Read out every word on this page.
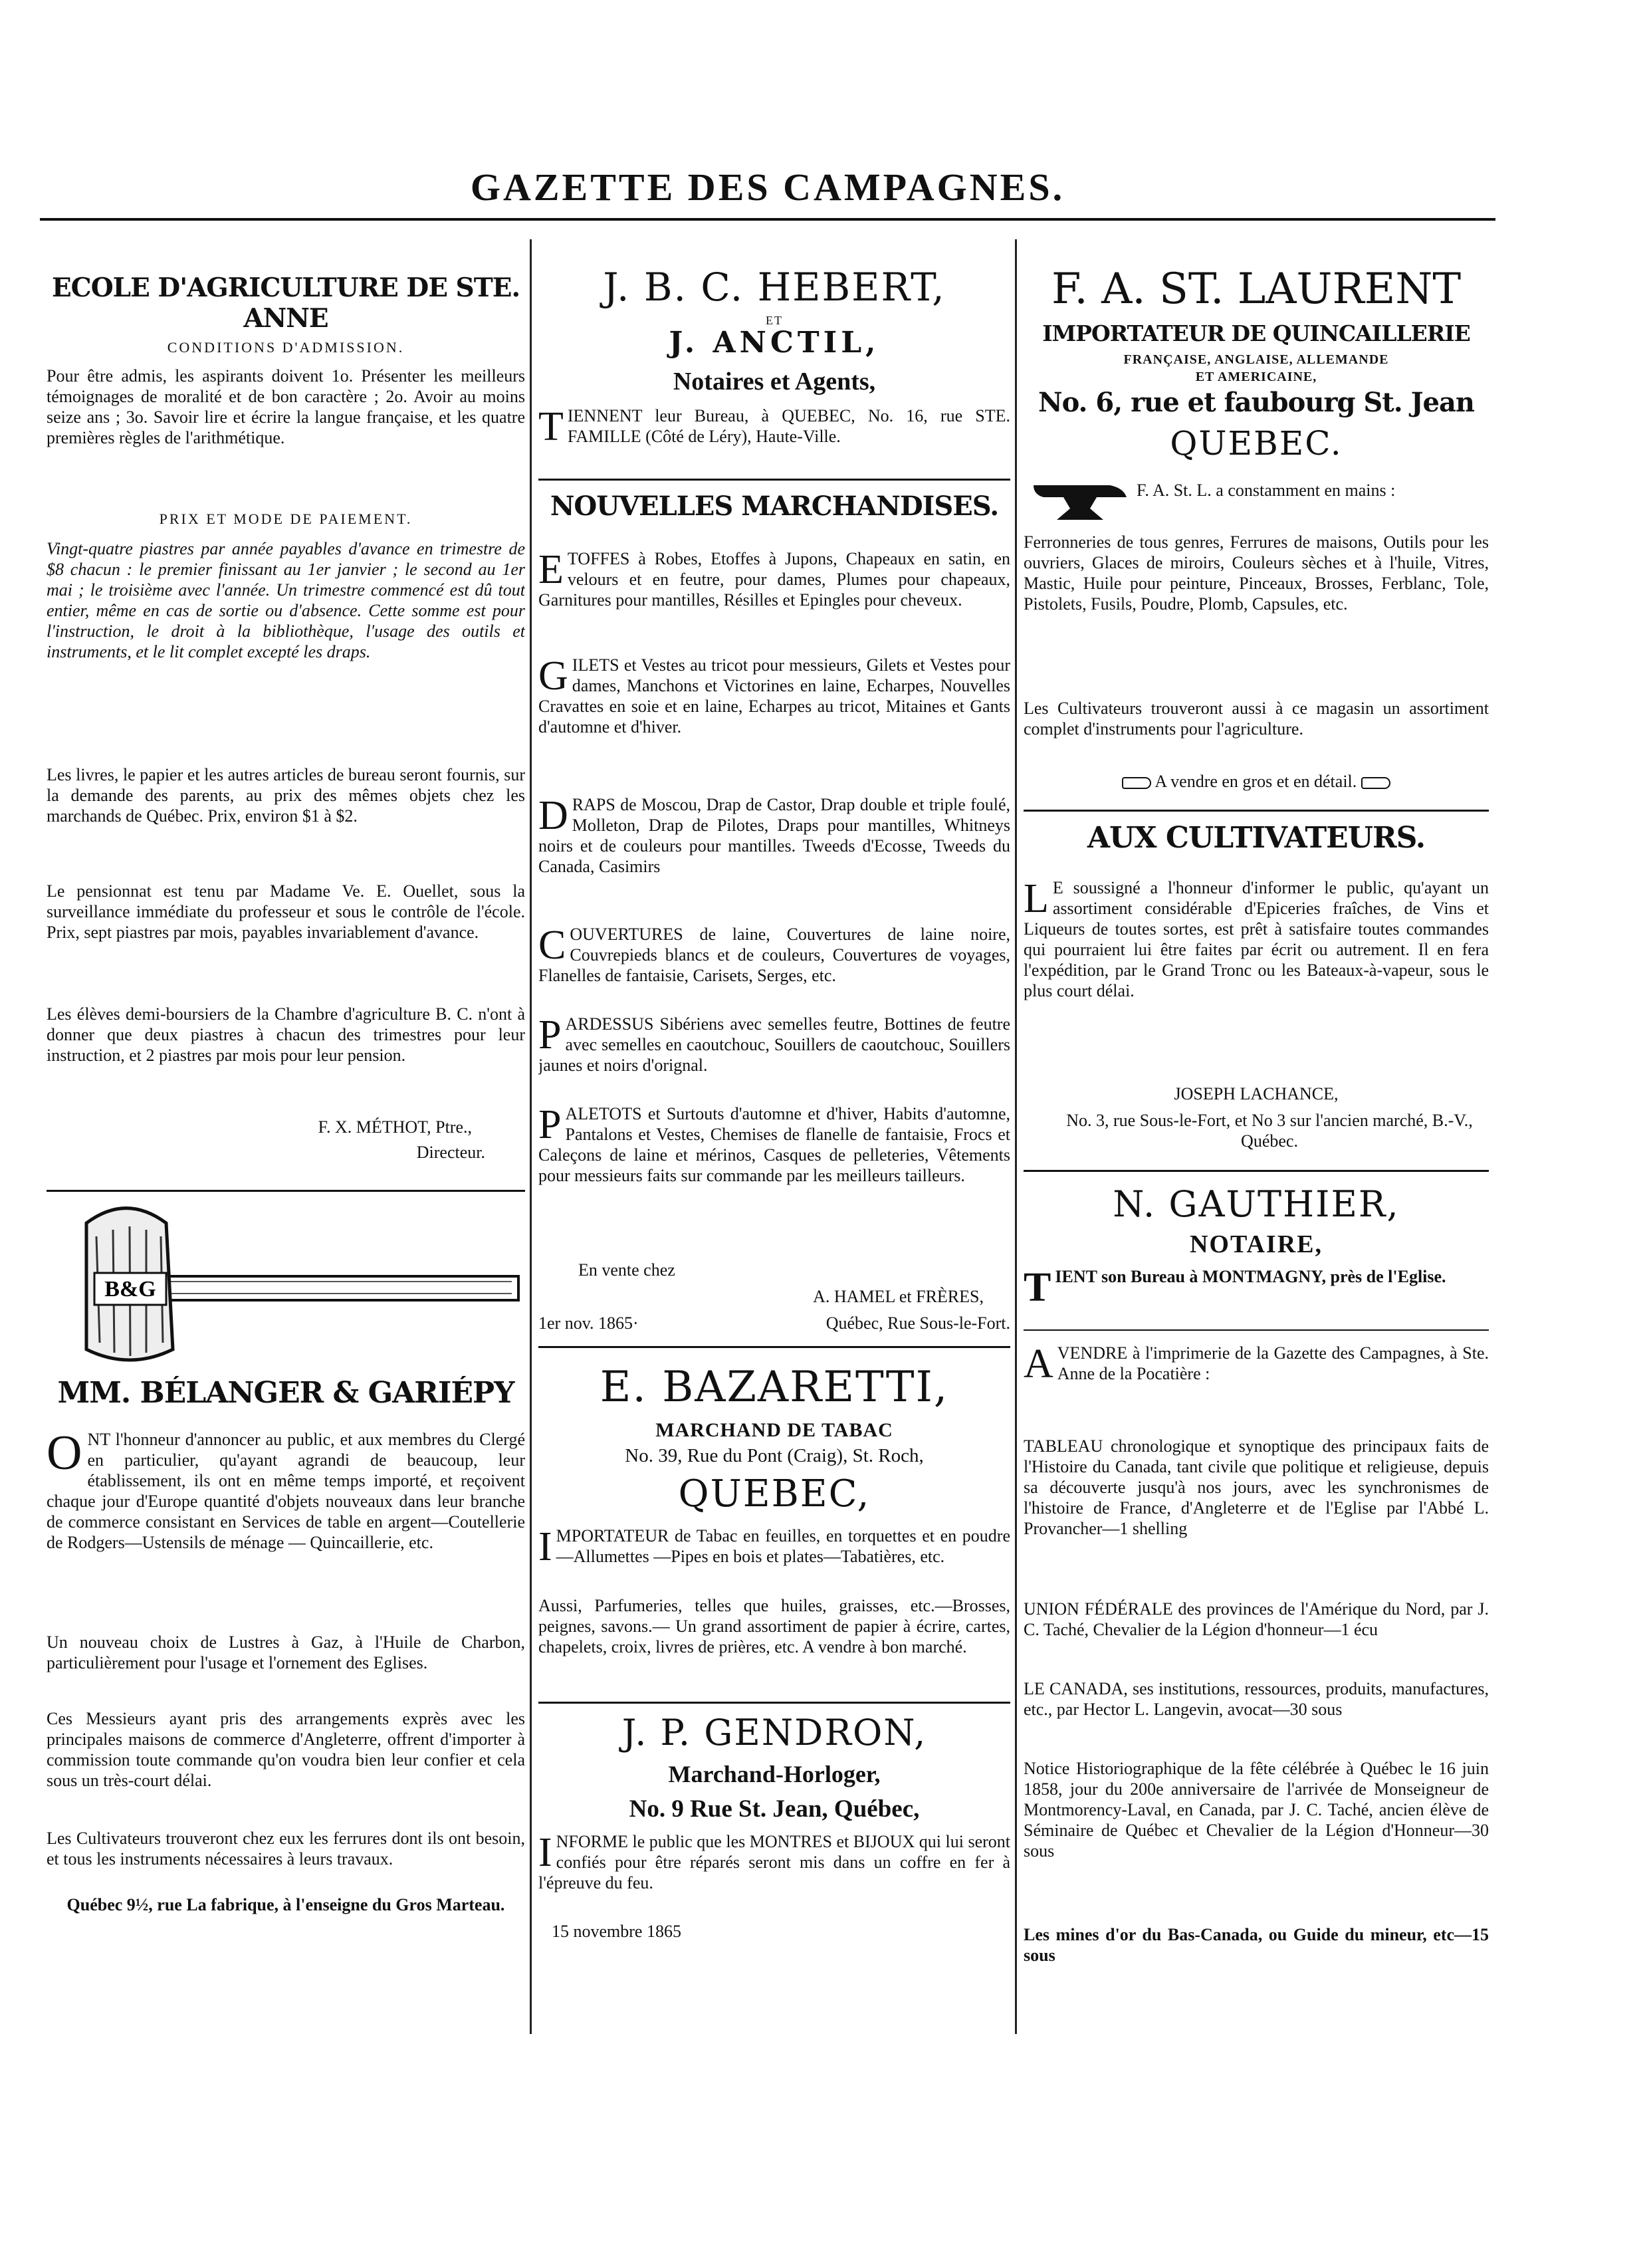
GAZETTE DES CAMPAGNES.
ECOLE D'AGRICULTURE DE STE. ANNE
CONDITIONS D'ADMISSION.
Pour être admis, les aspirants doivent 1o. Présenter les meilleurs témoignages de moralité et de bon caractère ; 2o. Avoir au moins seize ans ; 3o. Savoir lire et écrire la langue française, et les quatre premières règles de l'arithmétique.
PRIX ET MODE DE PAIEMENT.
Vingt-quatre piastres par année payables d'avance en trimestre de $8 chacun : le premier finissant au 1er janvier ; le second au 1er mai ; le troisième avec l'année. Un trimestre commencé est dû tout entier, même en cas de sortie ou d'absence. Cette somme est pour l'instruction, le droit à la bibliothèque, l'usage des outils et instruments, et le lit complet excepté les draps.
Les livres, le papier et les autres articles de bureau seront fournis, sur la demande des parents, au prix des mêmes objets chez les marchands de Québec. Prix, environ $1 à $2.
Le pensionnat est tenu par Madame Ve. E. Ouellet, sous la surveillance immédiate du professeur et sous le contrôle de l'école. Prix, sept piastres par mois, payables invariablement d'avance.
Les élèves demi-boursiers de la Chambre d'agriculture B. C. n'ont à donner que deux piastres à chacun des trimestres pour leur instruction, et 2 piastres par mois pour leur pension.
F. X. MÉTHOT, Ptre.,
Directeur.
B&G
MM. BÉLANGER & GARIÉPY
ONT l'honneur d'annoncer au public, et aux membres du Clergé en particulier, qu'ayant agrandi de beaucoup, leur établissement, ils ont en même temps importé, et reçoivent chaque jour d'Europe quantité d'objets nouveaux dans leur branche de commerce consistant en Services de table en argent—Coutellerie de Rodgers—Ustensils de ménage — Quincaillerie, etc.
Un nouveau choix de Lustres à Gaz, à l'Huile de Charbon, particulièrement pour l'usage et l'ornement des Eglises.
Ces Messieurs ayant pris des arrangements exprès avec les principales maisons de commerce d'Angleterre, offrent d'importer à commission toute commande qu'on voudra bien leur confier et cela sous un très-court délai.
Les Cultivateurs trouveront chez eux les ferrures dont ils ont besoin, et tous les instruments nécessaires à leurs travaux.
Québec 9½, rue La fabrique, à l'enseigne du Gros Marteau.
J. B. C. HEBERT,
ET
J. ANCTIL,
Notaires et Agents,
TIENNENT leur Bureau, à QUEBEC, No. 16, rue STE. FAMILLE (Côté de Léry), Haute-Ville.
NOUVELLES MARCHANDISES.
ETOFFES à Robes, Etoffes à Jupons, Chapeaux en satin, en velours et en feutre, pour dames, Plumes pour chapeaux, Garnitures pour mantilles, Résilles et Epingles pour cheveux.
GILETS et Vestes au tricot pour messieurs, Gilets et Vestes pour dames, Manchons et Victorines en laine, Echarpes, Nouvelles Cravattes en soie et en laine, Echarpes au tricot, Mitaines et Gants d'automne et d'hiver.
DRAPS de Moscou, Drap de Castor, Drap double et triple foulé, Molleton, Drap de Pilotes, Draps pour mantilles, Whitneys noirs et de couleurs pour mantilles. Tweeds d'Ecosse, Tweeds du Canada, Casimirs
COUVERTURES de laine, Couvertures de laine noire, Couvrepieds blancs et de couleurs, Couvertures de voyages, Flanelles de fantaisie, Carisets, Serges, etc.
PARDESSUS Sibériens avec semelles feutre, Bottines de feutre avec semelles en caoutchouc, Souillers de caoutchouc, Souillers jaunes et noirs d'orignal.
PALETOTS et Surtouts d'automne et d'hiver, Habits d'automne, Pantalons et Vestes, Chemises de flanelle de fantaisie, Frocs et Caleçons de laine et mérinos, Casques de pelleteries, Vêtements pour messieurs faits sur commande par les meilleurs tailleurs.
En vente chez
A. HAMEL et FRÈRES,
1er nov. 1865·	Québec, Rue Sous-le-Fort.
E. BAZARETTI,
MARCHAND DE TABAC
No. 39, Rue du Pont (Craig), St. Roch,
QUEBEC,
IMPORTATEUR de Tabac en feuilles, en torquettes et en poudre—Allumettes —Pipes en bois et plates—Tabatières, etc.
Aussi, Parfumeries, telles que huiles, graisses, etc.—Brosses, peignes, savons.— Un grand assortiment de papier à écrire, cartes, chapelets, croix, livres de prières, etc. A vendre à bon marché.
J. P. GENDRON,
Marchand-Horloger,
No. 9 Rue St. Jean, Québec,
INFORME le public que les MONTRES et BIJOUX qui lui seront confiés pour être réparés seront mis dans un coffre en fer à l'épreuve du feu.
15 novembre 1865
F. A. ST. LAURENT
IMPORTATEUR DE QUINCAILLERIE
FRANÇAISE, ANGLAISE, ALLEMANDE
ET AMERICAINE,
No. 6, rue et faubourg St. Jean
QUEBEC.
F. A. St. L. a constamment en mains :
Ferronneries de tous genres, Ferrures de maisons, Outils pour les ouvriers, Glaces de miroirs, Couleurs sèches et à l'huile, Vitres, Mastic, Huile pour peinture, Pinceaux, Brosses, Ferblanc, Tole, Pistolets, Fusils, Poudre, Plomb, Capsules, etc.
Les Cultivateurs trouveront aussi à ce magasin un assortiment complet d'instruments pour l'agriculture.
A vendre en gros et en détail.
AUX CULTIVATEURS.
L E soussigné a l'honneur d'informer le public, qu'ayant un assortiment considérable d'Epiceries fraîches, de Vins et Liqueurs de toutes sortes, est prêt à satisfaire toutes commandes qui pourraient lui être faites par écrit ou autrement. Il en fera l'expédition, par le Grand Tronc ou les Bateaux-à-vapeur, sous le plus court délai.
JOSEPH LACHANCE,
No. 3, rue Sous-le-Fort, et No 3 sur l'ancien marché, B.-V., Québec.
N. GAUTHIER,
NOTAIRE,
TIENT son Bureau à MONTMAGNY, près de l'Eglise.
AVENDRE à l'imprimerie de la Gazette des Campagnes, à Ste. Anne de la Pocatière :
TABLEAU chronologique et synoptique des principaux faits de l'Histoire du Canada, tant civile que politique et religieuse, depuis sa découverte jusqu'à nos jours, avec les synchronismes de l'histoire de France, d'Angleterre et de l'Eglise par l'Abbé L. Provancher—1 shelling
UNION FÉDÉRALE des provinces de l'Amérique du Nord, par J. C. Taché, Chevalier de la Légion d'honneur—1 écu
LE CANADA, ses institutions, ressources, produits, manufactures, etc., par Hector L. Langevin, avocat—30 sous
Notice Historiographique de la fête célébrée à Québec le 16 juin 1858, jour du 200e anniversaire de l'arrivée de Monseigneur de Montmorency-Laval, en Canada, par J. C. Taché, ancien élève de Séminaire de Québec et Chevalier de la Légion d'Honneur—30 sous
Les mines d'or du Bas-Canada, ou Guide du mineur, etc—15 sous
